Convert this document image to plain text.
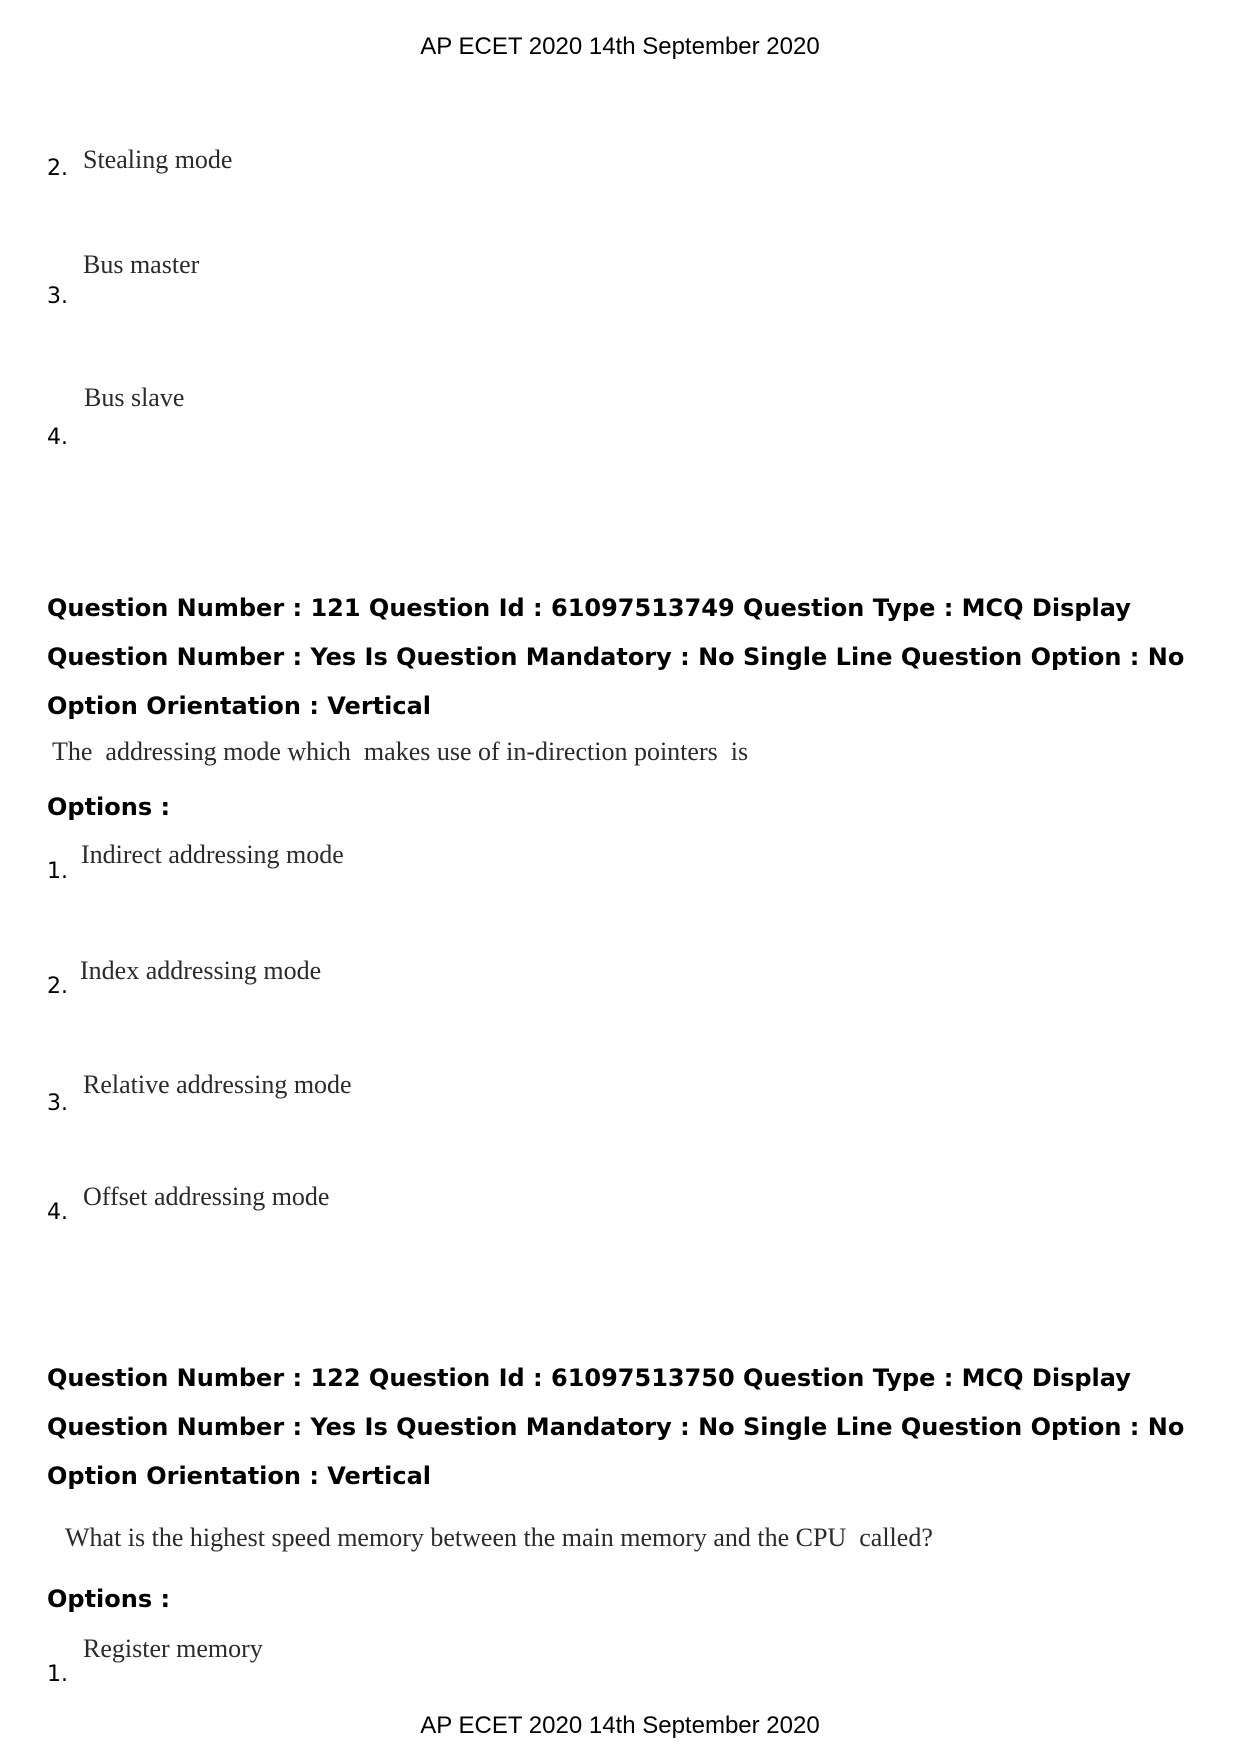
AP ECET 2020 14th September 2020
2. Stealing mode
3.
Bus master
4.
Bus slave
Question Number : 121 Question Id : 61097513749 Question Type : MCQ Display Question Number : Yes Is Question Mandatory : No Single Line Question Option : No Option Orientation : Vertical
The  addressing mode which  makes use of in-direction pointers  is
Options :
1.
Indirect addressing mode
2.
Index addressing mode
3.
Relative addressing mode
4.
Offset addressing mode
Question Number : 122 Question Id : 61097513750 Question Type : MCQ Display Question Number : Yes Is Question Mandatory : No Single Line Question Option : No Option Orientation : Vertical
What is the highest speed memory between the main memory and the CPU  called?
Options :
1.
Register memory
AP ECET 2020 14th September 2020
